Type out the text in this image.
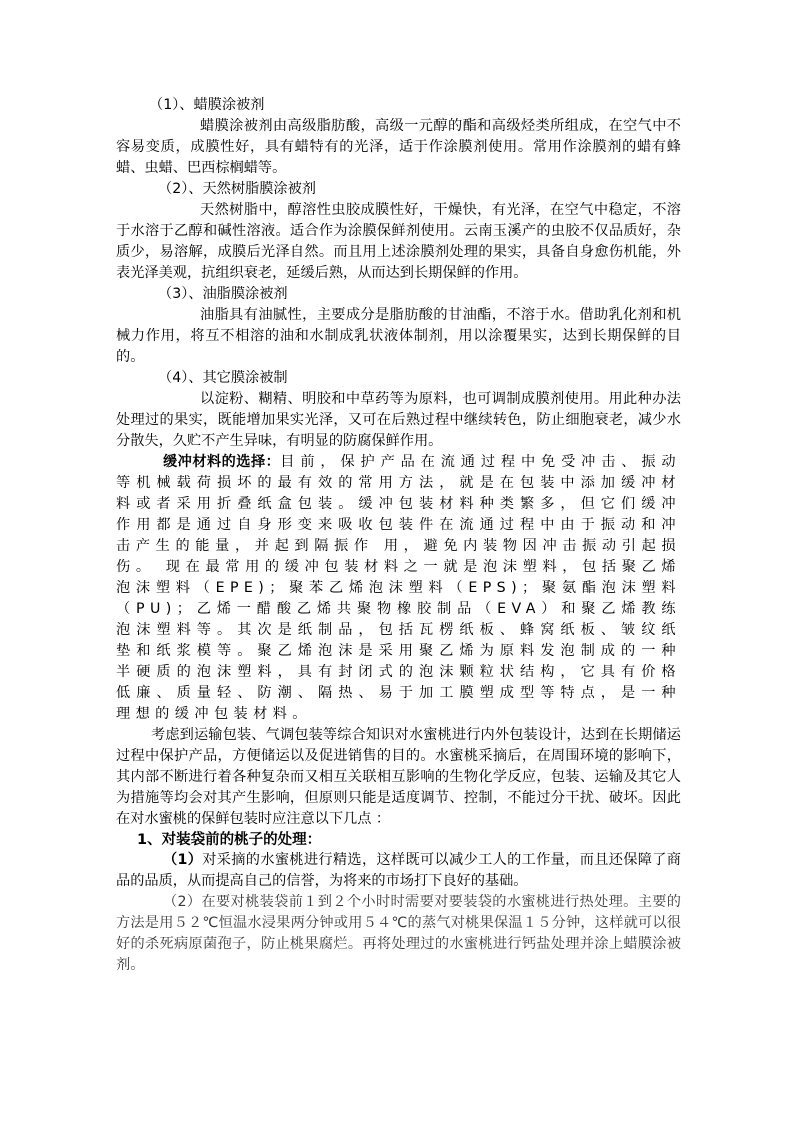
（1）、蜡膜涂被剂

蜡膜涂被剂由高级脂肪酸，高级一元醇的酯和高级烃类所组成，在空气中不容易变质，成膜性好，具有蜡特有的光泽，适于作涂膜剂使用。常用作涂膜剂的蜡有蜂蜡、虫蜡、巴西棕榈蜡等。

（2）、天然树脂膜涂被剂

天然树脂中，醇溶性虫胶成膜性好，干燥快，有光泽，在空气中稳定，不溶于水溶于乙醇和碱性溶液。适合作为涂膜保鲜剂使用。云南玉溪产的虫胶不仅品质好，杂质少，易溶解，成膜后光泽自然。而且用上述涂膜剂处理的果实，具备自身愈伤机能，外表光泽美观，抗组织衰老，延缓后熟，从而达到长期保鲜的作用。

（3）、油脂膜涂被剂

油脂具有油腻性，主要成分是脂肪酸的甘油酯，不溶于水。借助乳化剂和机械力作用，将互不相溶的油和水制成乳状液体制剂，用以涂覆果实，达到长期保鲜的目的。

（4）、其它膜涂被制

以淀粉、糊精、明胶和中草药等为原料，也可调制成膜剂使用。用此种办法处理过的果实，既能增加果实光泽，又可在后熟过程中继续转色，防止细胞衰老，减少水分散失，久贮不产生异味，有明显的防腐保鲜作用。

缓冲材料的选择：目前，保护产品在流通过程中免受冲击、振动等机械载荷损坏的最有效的常用方法，就是在包装中添加缓冲材料或者采用折叠纸盒包装。缓冲包装材料种类繁多，但它们缓冲作用都是通过自身形变来吸收包装件在流通过程中由于振动和冲击产生的能量，并起到隔振作 用，避免内装物因冲击振动引起损伤。 现在最常用的缓冲包装材料之一就是泡沫塑料，包括聚乙烯泡沫塑料（EPE)；聚苯乙烯泡沫塑料（EPS)；聚氨酯泡沫塑料（PU)；乙烯一醋酸乙烯共聚物橡胶制品（EVA）和聚乙烯教练泡沫塑料等。其次是纸制品，包括瓦楞纸板、蜂窝纸板、皱纹纸垫和纸浆模等。聚乙烯泡沫是采用聚乙烯为原料发泡制成的一种半硬质的泡沫塑料，具有封闭式的泡沫颗粒状结构，它具有价格低廉、质量轻、防潮、隔热、易于加工膜塑成型等特点，是一种理想的缓冲包装材料。

考虑到运输包装、气调包装等综合知识对水蜜桃进行内外包装设计，达到在长期储运过程中保护产品，方便储运以及促进销售的目的。水蜜桃采摘后，在周围环境的影响下，其内部不断进行着各种复杂而又相互关联相互影响的生物化学反应，包装、运输及其它人为措施等均会对其产生影响，但原则只能是适度调节、控制，不能过分干扰、破坏。因此在对水蜜桃的保鲜包装时应注意以下几点 ：

1、对装袋前的桃子的处理：

（1）对采摘的水蜜桃进行精选，这样既可以减少工人的工作量，而且还保障了商品的品质，从而提高自己的信誉，为将来的市场打下良好的基础。

（2）在要对桃装袋前１到２个小时时需要对要装袋的水蜜桃进行热处理。主要的方法是用５２℃恒温水浸果两分钟或用５４℃的蒸气对桃果保温１５分钟，这样就可以很好的杀死病原菌孢子，防止桃果腐烂。再将处理过的水蜜桃进行钙盐处理并涂上蜡膜涂被剂。
